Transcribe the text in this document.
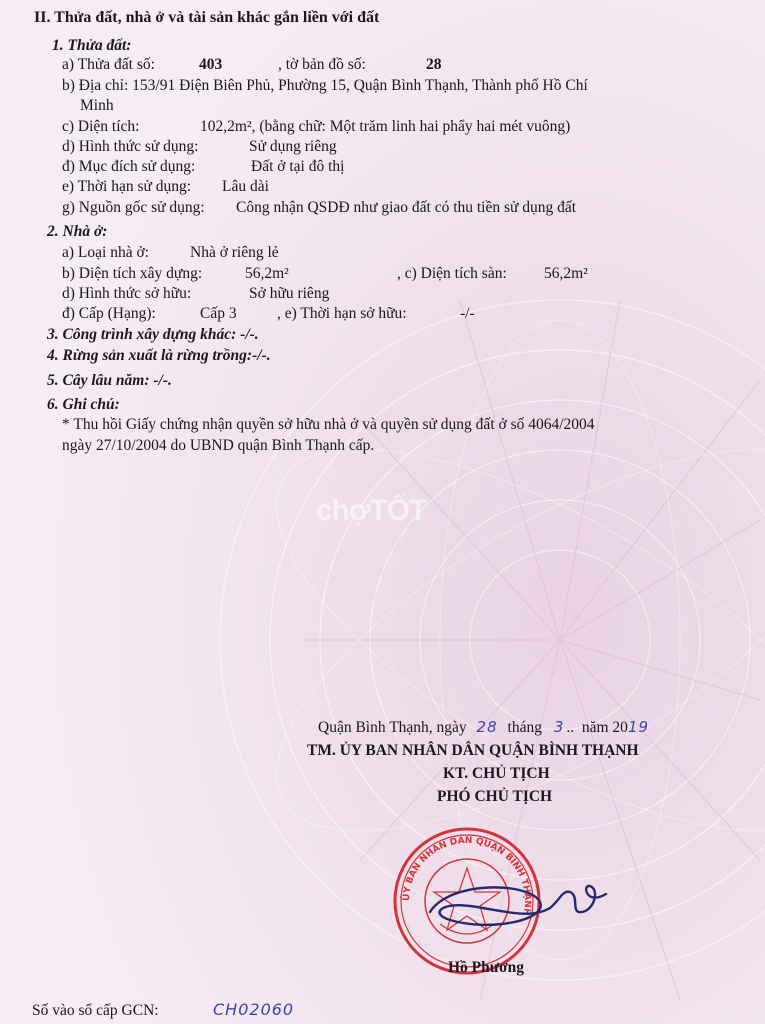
chợTỐT
II. Thửa đất, nhà ở và tài sản khác gắn liền với đất
1. Thửa đất:
a) Thửa đất số:	403	, tờ bản đồ số:	28
b) Địa chỉ: 153/91 Điện Biên Phủ, Phường 15, Quận Bình Thạnh, Thành phố Hồ Chí
Minh
c) Diện tích:	102,2m², (bằng chữ: Một trăm linh hai phẩy hai mét vuông)
d) Hình thức sử dụng:	Sử dụng riêng
đ) Mục đích sử dụng:	Đất ở tại đô thị
e) Thời hạn sử dụng: Lâu dài
g) Nguồn gốc sử dụng: Công nhận QSDĐ như giao đất có thu tiền sử dụng đất
2. Nhà ở:
a) Loại nhà ở:	Nhà ở riêng lẻ
b) Diện tích xây dựng:	56,2m²	, c) Diện tích sàn: 56,2m²
d) Hình thức sở hữu:	Sở hữu riêng
đ) Cấp (Hạng):	Cấp 3	, e) Thời hạn sở hữu:	-/-
3. Công trình xây dựng khác: -/-.
4. Rừng sản xuất là rừng trồng:-/-.
5. Cây lâu năm: -/-.
6. Ghi chú:
* Thu hồi Giấy chứng nhận quyền sở hữu nhà ở và quyền sử dụng đất ở số 4064/2004
ngày 27/10/2004 do UBND quận Bình Thạnh cấp.
Quận Bình Thạnh, ngày 28 tháng 3 ..  năm 2019
TM. ỦY BAN NHÂN DÂN QUẬN BÌNH THẠNH
KT. CHỦ TỊCH
PHÓ CHỦ TỊCH
ỦY BAN NHÂN DÂN QUẬN BÌNH THẠNH
Hồ Phương
Số vào sổ cấp GCN:	CH02060
